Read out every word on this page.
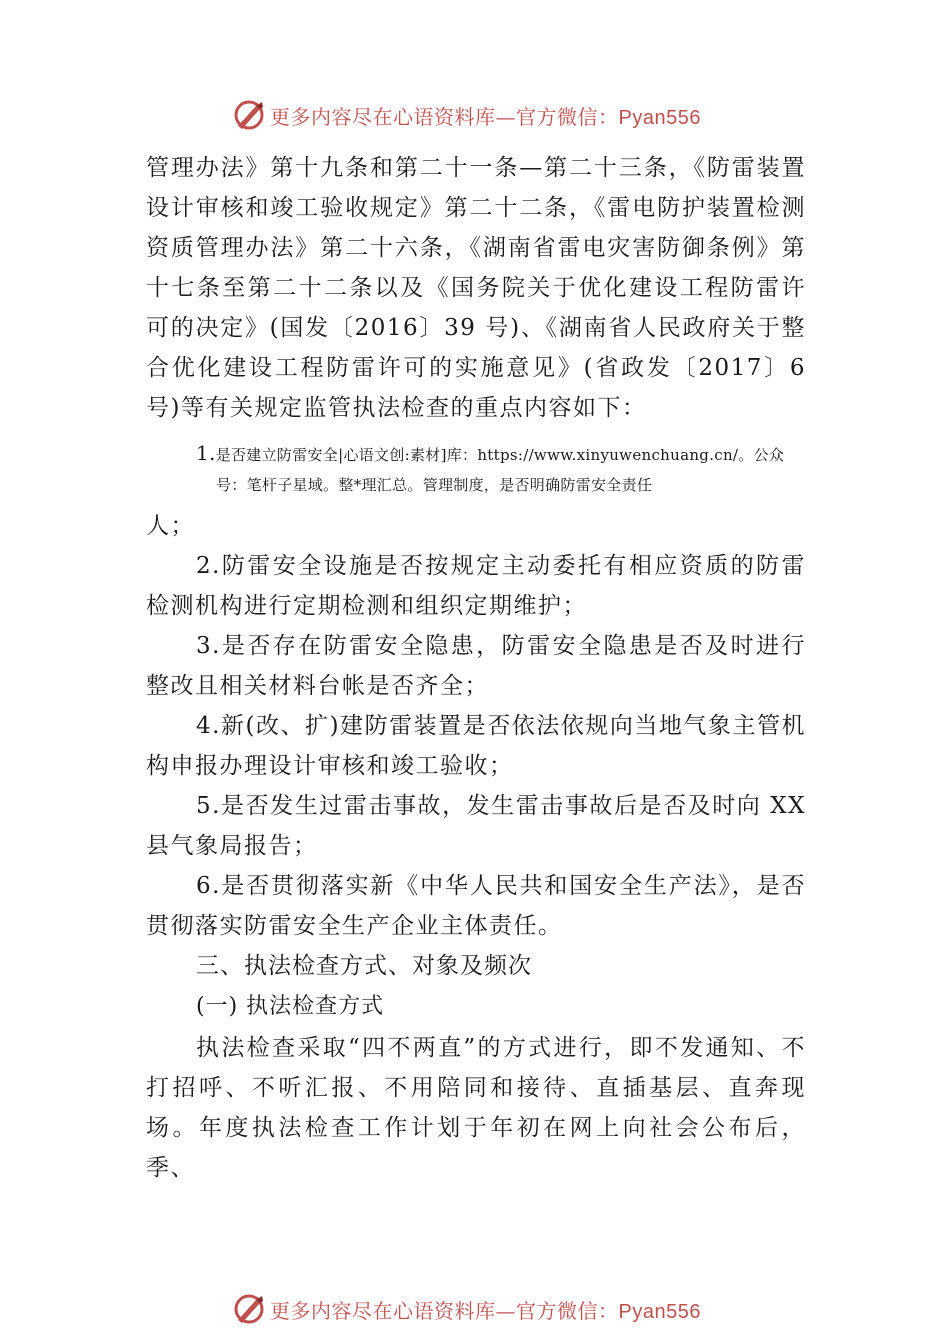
更多内容尽在心语资料库—官方微信：Pyan556

管理办法》第十九条和第二十一条—第二十三条，《防雷装置设计审核和竣工验收规定》第二十二条，《雷电防护装置检测资质管理办法》第二十六条，《湖南省雷电灾害防御条例》第十七条至第二十二条以及《国务院关于优化建设工程防雷许可的决定》(国发〔2016〕39 号)、《湖南省人民政府关于整合优化建设工程防雷许可的实施意见》(省政发〔2017〕6 号)等有关规定监管执法检查的重点内容如下：

1.是否建立防雷安全|心语文创:素材]库：https://www.xinyuwenchuang.cn/。公众号：笔杆子星域。整*理汇总。管理制度，是否明确防雷安全责任

人；

2.防雷安全设施是否按规定主动委托有相应资质的防雷检测机构进行定期检测和组织定期维护；

3.是否存在防雷安全隐患，防雷安全隐患是否及时进行整改且相关材料台帐是否齐全；

4.新(改、扩)建防雷装置是否依法依规向当地气象主管机构申报办理设计审核和竣工验收；

5.是否发生过雷击事故，发生雷击事故后是否及时向 XX 县气象局报告；

6.是否贯彻落实新《中华人民共和国安全生产法》，是否贯彻落实防雷安全生产企业主体责任。

三、执法检查方式、对象及频次

(一) 执法检查方式

执法检查采取“四不两直”的方式进行，即不发通知、不打招呼、不听汇报、不用陪同和接待、直插基层、直奔现场。年度执法检查工作计划于年初在网上向社会公布后，季、

更多内容尽在心语资料库—官方微信：Pyan556
